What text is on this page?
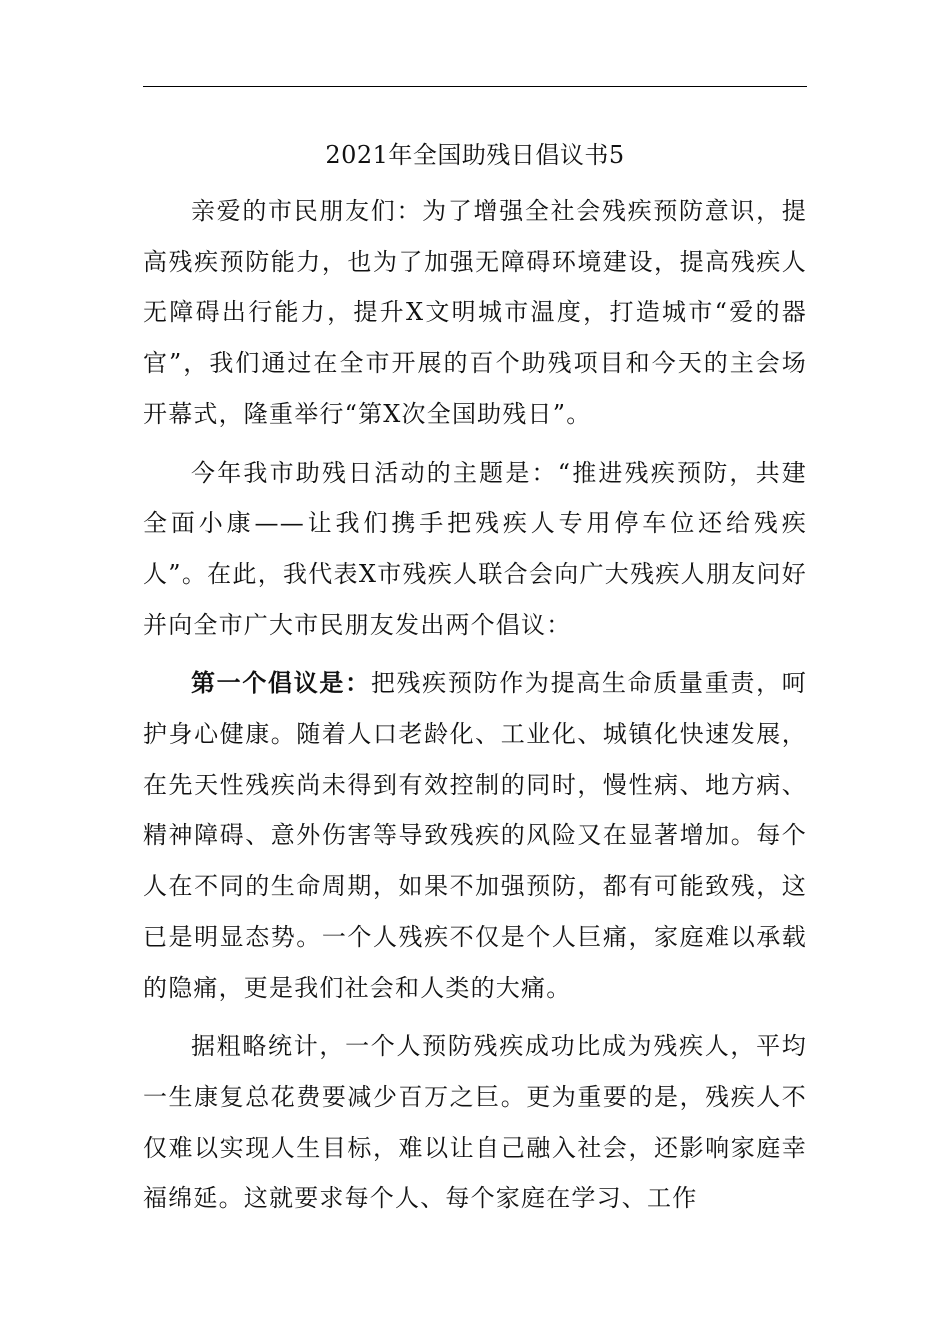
2021年全国助残日倡议书5

亲爱的市民朋友们：为了增强全社会残疾预防意识，提高残疾预防能力，也为了加强无障碍环境建设，提高残疾人无障碍出行能力，提升X文明城市温度，打造城市“爱的器官”，我们通过在全市开展的百个助残项目和今天的主会场开幕式，隆重举行“第X次全国助残日”。

今年我市助残日活动的主题是：“推进残疾预防，共建全面小康——让我们携手把残疾人专用停车位还给残疾人”。在此，我代表X市残疾人联合会向广大残疾人朋友问好并向全市广大市民朋友发出两个倡议：

第一个倡议是：把残疾预防作为提高生命质量重责，呵护身心健康。随着人口老龄化、工业化、城镇化快速发展，在先天性残疾尚未得到有效控制的同时，慢性病、地方病、精神障碍、意外伤害等导致残疾的风险又在显著增加。每个人在不同的生命周期，如果不加强预防，都有可能致残，这已是明显态势。一个人残疾不仅是个人巨痛，家庭难以承载的隐痛，更是我们社会和人类的大痛。

据粗略统计，一个人预防残疾成功比成为残疾人，平均一生康复总花费要减少百万之巨。更为重要的是，残疾人不仅难以实现人生目标，难以让自己融入社会，还影响家庭幸福绵延。这就要求每个人、每个家庭在学习、工作
